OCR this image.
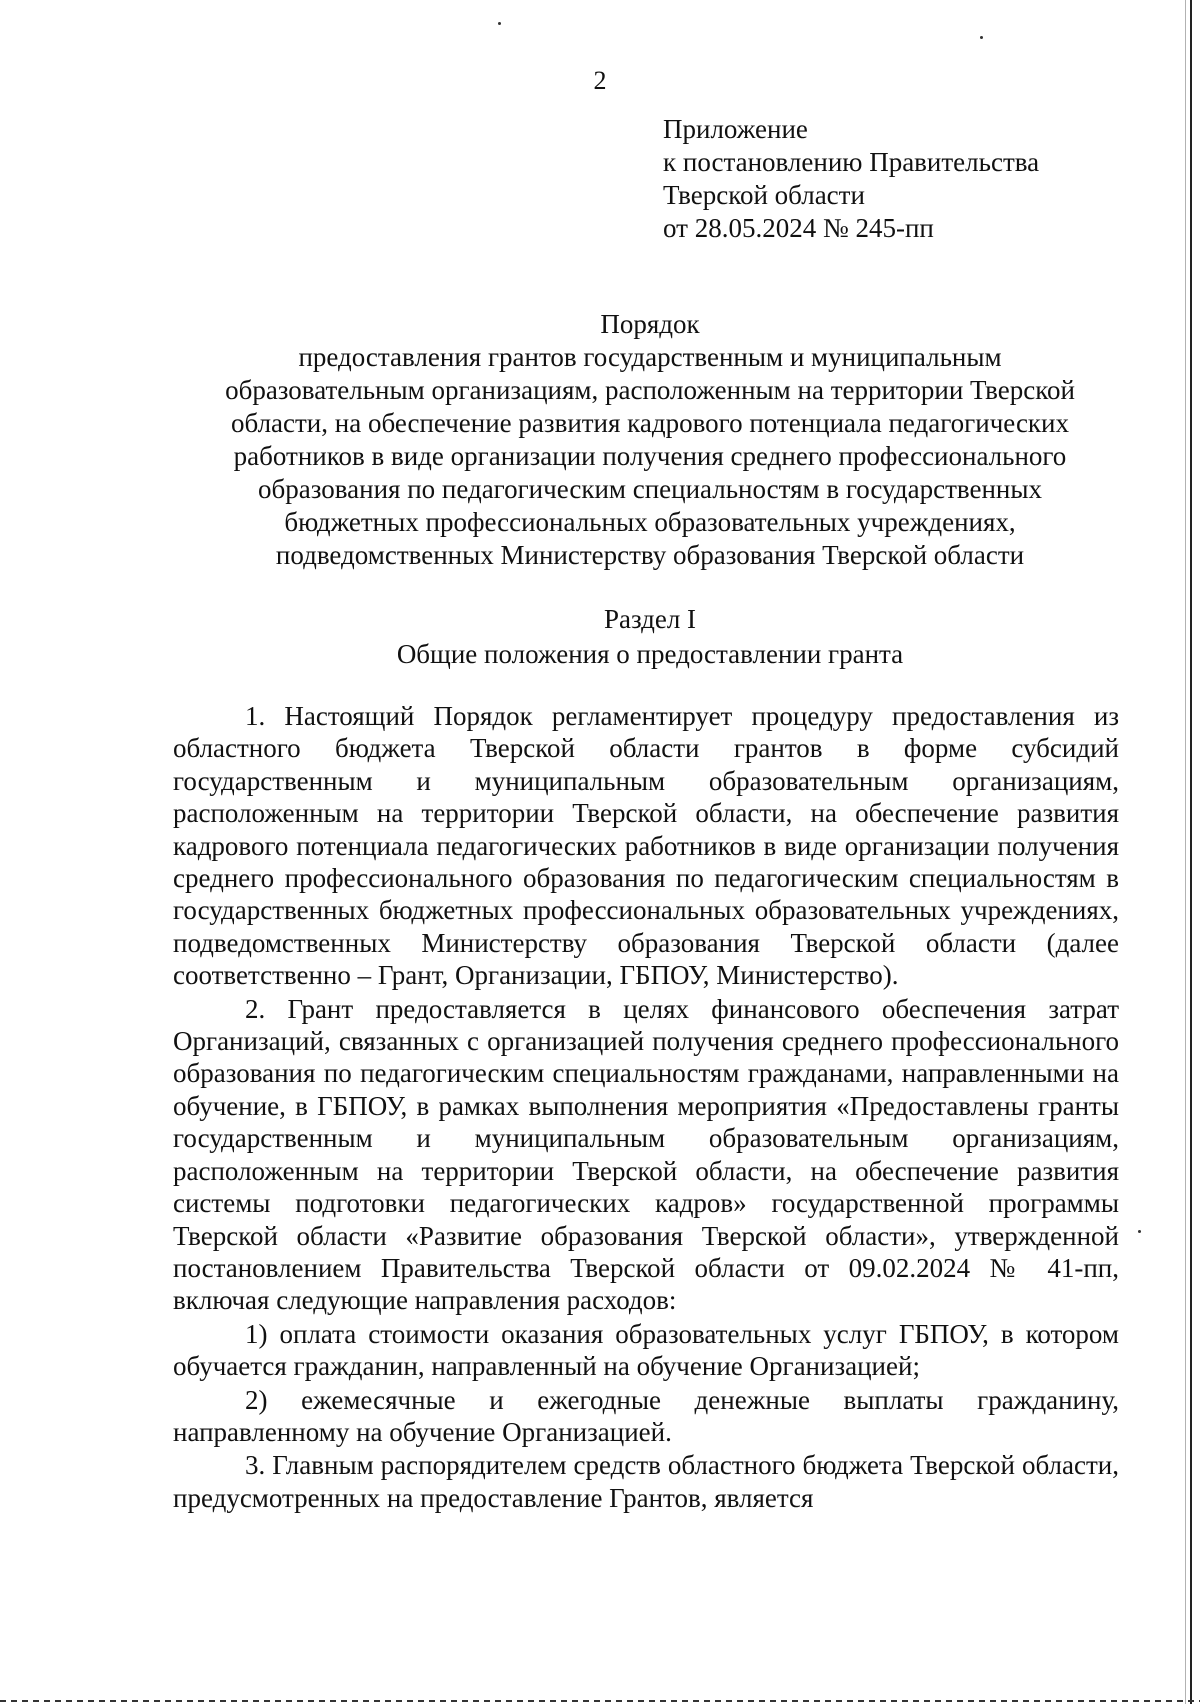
2
Приложение
к постановлению Правительства
Тверской области
от 28.05.2024 № 245-пп
Порядок
предоставления грантов государственным и муниципальным
образовательным организациям, расположенным на территории Тверской
области, на обеспечение развития кадрового потенциала педагогических
работников в виде организации получения среднего профессионального
образования по педагогическим специальностям в государственных
бюджетных профессиональных образовательных учреждениях,
подведомственных Министерству образования Тверской области
Раздел I
Общие положения о предоставлении гранта

1. Настоящий Порядок регламентирует процедуру предоставления из областного бюджета Тверской области грантов в форме субсидий государственным и муниципальным образовательным организациям, расположенным на территории Тверской области, на обеспечение развития кадрового потенциала педагогических работников в виде организации получения среднего профессионального образования по педагогическим специальностям в государственных бюджетных профессиональных образовательных учреждениях, подведомственных Министерству образования Тверской области (далее соответственно – Грант, Организации, ГБПОУ, Министерство).

2. Грант предоставляется в целях финансового обеспечения затрат Организаций, связанных с организацией получения среднего профессионального образования по педагогическим специальностям гражданами, направленными на обучение, в ГБПОУ, в рамках выполнения мероприятия «Предоставлены гранты государственным и муниципальным образовательным организациям, расположенным на территории Тверской области, на обеспечение развития системы подготовки педагогических кадров» государственной программы Тверской области «Развитие образования Тверской области», утвержденной постановлением Правительства Тверской области от 09.02.2024 № 41-пп, включая следующие направления расходов:

1) оплата стоимости оказания образовательных услуг ГБПОУ, в котором обучается гражданин, направленный на обучение Организацией;

2) ежемесячные и ежегодные денежные выплаты гражданину, направленному на обучение Организацией.

3. Главным распорядителем средств областного бюджета Тверской области, предусмотренных на предоставление Грантов, является
